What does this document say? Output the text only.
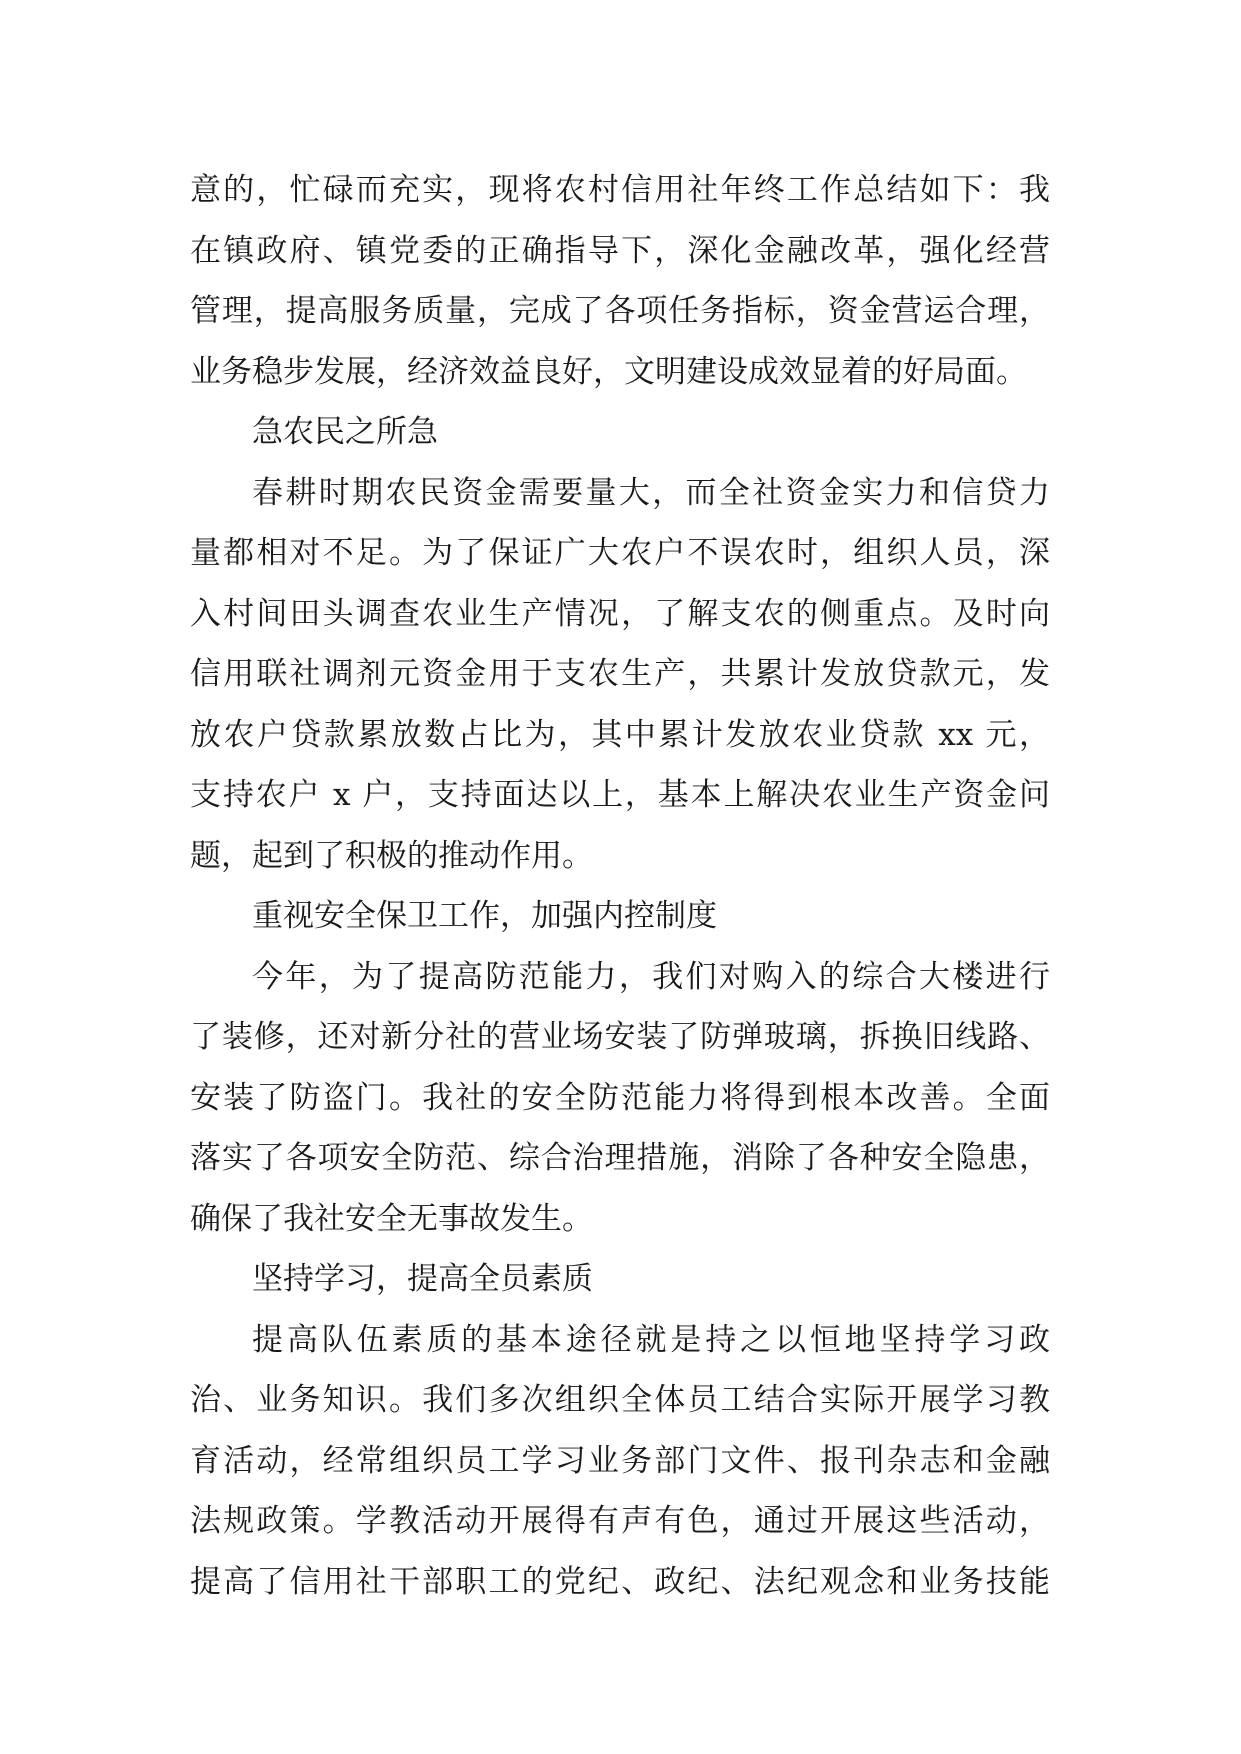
意的，忙碌而充实，现将农村信用社年终工作总结如下：我
在镇政府、镇党委的正确指导下，深化金融改革，强化经营
管理，提高服务质量，完成了各项任务指标，资金营运合理，
业务稳步发展，经济效益良好，文明建设成效显着的好局面。
急农民之所急
春耕时期农民资金需要量大，而全社资金实力和信贷力
量都相对不足。为了保证广大农户不误农时，组织人员，深
入村间田头调查农业生产情况，了解支农的侧重点。及时向
信用联社调剂元资金用于支农生产，共累计发放贷款元，发
放农户贷款累放数占比为，其中累计发放农业贷款 xx 元，
支持农户 x 户，支持面达以上，基本上解决农业生产资金问
题，起到了积极的推动作用。
重视安全保卫工作，加强内控制度
今年，为了提高防范能力，我们对购入的综合大楼进行
了装修，还对新分社的营业场安装了防弹玻璃，拆换旧线路、
安装了防盗门。我社的安全防范能力将得到根本改善。全面
落实了各项安全防范、综合治理措施，消除了各种安全隐患，
确保了我社安全无事故发生。
坚持学习，提高全员素质
提高队伍素质的基本途径就是持之以恒地坚持学习政
治、业务知识。我们多次组织全体员工结合实际开展学习教
育活动，经常组织员工学习业务部门文件、报刊杂志和金融
法规政策。学教活动开展得有声有色，通过开展这些活动，
提高了信用社干部职工的党纪、政纪、法纪观念和业务技能
